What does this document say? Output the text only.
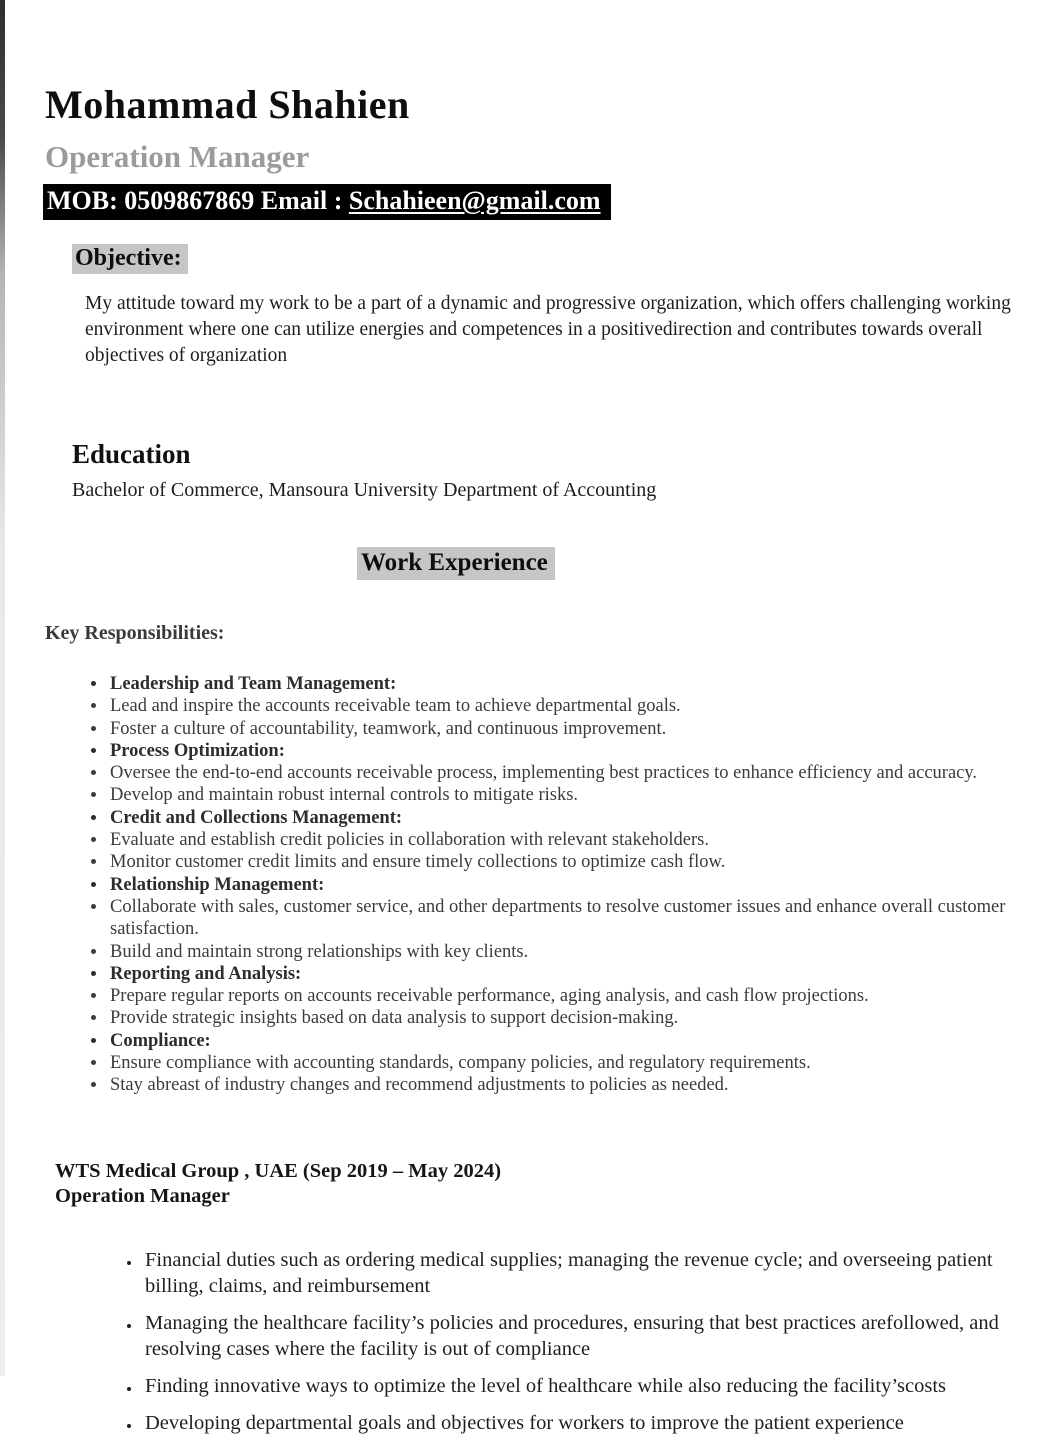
Mohammad Shahien
Operation Manager
MOB: 0509867869 Email : Schahieen@gmail.com
Objective:

My attitude toward my work to be a part of a dynamic and progressive organization, which offers challenging working environment where one can utilize energies and competences in a positivedirection and contributes towards overall objectives of organization

Education
Bachelor of Commerce, Mansoura University Department of Accounting
Work Experience
Key Responsibilities:
• Leadership and Team Management:
• Lead and inspire the accounts receivable team to achieve departmental goals.
• Foster a culture of accountability, teamwork, and continuous improvement.
• Process Optimization:
• Oversee the end-to-end accounts receivable process, implementing best practices to enhance efficiency and accuracy.
• Develop and maintain robust internal controls to mitigate risks.
• Credit and Collections Management:
• Evaluate and establish credit policies in collaboration with relevant stakeholders.
• Monitor customer credit limits and ensure timely collections to optimize cash flow.
• Relationship Management:
• Collaborate with sales, customer service, and other departments to resolve customer issues and enhance overall customer satisfaction.
• Build and maintain strong relationships with key clients.
• Reporting and Analysis:
• Prepare regular reports on accounts receivable performance, aging analysis, and cash flow projections.
• Provide strategic insights based on data analysis to support decision-making.
• Compliance:
• Ensure compliance with accounting standards, company policies, and regulatory requirements.
• Stay abreast of industry changes and recommend adjustments to policies as needed.
WTS Medical Group , UAE (Sep 2019 – May 2024)
Operation Manager
• Financial duties such as ordering medical supplies; managing the revenue cycle; and overseeing patient billing, claims, and reimbursement
• Managing the healthcare facility’s policies and procedures, ensuring that best practices arefollowed, and resolving cases where the facility is out of compliance
• Finding innovative ways to optimize the level of healthcare while also reducing the facility’scosts
• Developing departmental goals and objectives for workers to improve the patient experience
